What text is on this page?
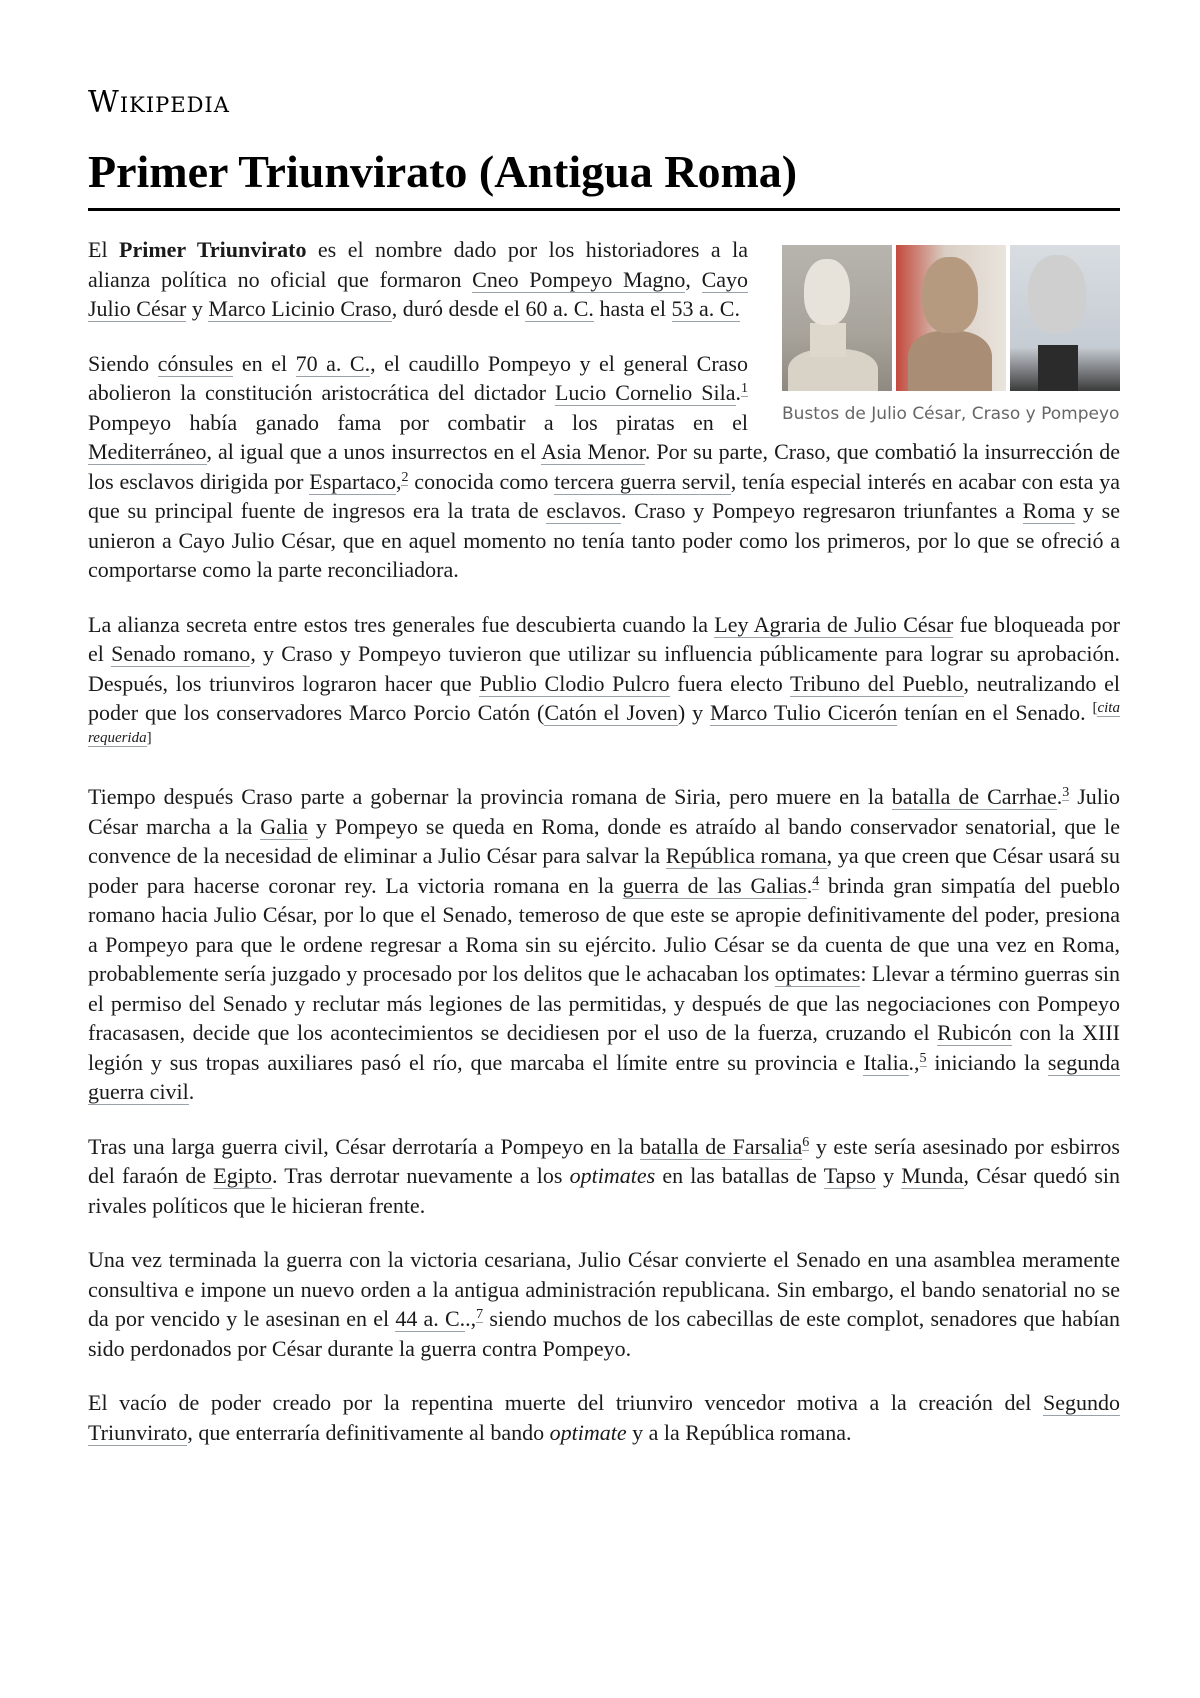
Wikipedia
Primer Triunvirato (Antigua Roma)
Bustos de Julio César, Craso y Pompeyo

El Primer Triunvirato es el nombre dado por los historiadores a la alianza política no oficial que formaron Cneo Pompeyo Magno, Cayo Julio César y Marco Licinio Craso, duró desde el 60 a. C. hasta el 53 a. C.

Siendo cónsules en el 70 a. C., el caudillo Pompeyo y el general Craso abolieron la constitución aristocrática del dictador Lucio Cornelio Sila.$^1$ Pompeyo había ganado fama por combatir a los piratas en el Mediterráneo, al igual que a unos insurrectos en el Asia Menor. Por su parte, Craso, que combatió la insurrección de los esclavos dirigida por Espartaco,$^2$ conocida como tercera guerra servil, tenía especial interés en acabar con esta ya que su principal fuente de ingresos era la trata de esclavos. Craso y Pompeyo regresaron triunfantes a Roma y se unieron a Cayo Julio César, que en aquel momento no tenía tanto poder como los primeros, por lo que se ofreció a comportarse como la parte reconciliadora.

La alianza secreta entre estos tres generales fue descubierta cuando la Ley Agraria de Julio César fue bloqueada por el Senado romano, y Craso y Pompeyo tuvieron que utilizar su influencia públicamente para lograr su aprobación. Después, los triunviros lograron hacer que Publio Clodio Pulcro fuera electo Tribuno del Pueblo, neutralizando el poder que los conservadores Marco Porcio Catón (Catón el Joven) y Marco Tulio Cicerón tenían en el Senado. [cita requerida]

Tiempo después Craso parte a gobernar la provincia romana de Siria, pero muere en la batalla de Carrhae.$^3$ Julio César marcha a la Galia y Pompeyo se queda en Roma, donde es atraído al bando conservador senatorial, que le convence de la necesidad de eliminar a Julio César para salvar la República romana, ya que creen que César usará su poder para hacerse coronar rey. La victoria romana en la guerra de las Galias.$^4$ brinda gran simpatía del pueblo romano hacia Julio César, por lo que el Senado, temeroso de que este se apropie definitivamente del poder, presiona a Pompeyo para que le ordene regresar a Roma sin su ejército. Julio César se da cuenta de que una vez en Roma, probablemente sería juzgado y procesado por los delitos que le achacaban los optimates: Llevar a término guerras sin el permiso del Senado y reclutar más legiones de las permitidas, y después de que las negociaciones con Pompeyo fracasasen, decide que los acontecimientos se decidiesen por el uso de la fuerza, cruzando el Rubicón con la XIII legión y sus tropas auxiliares pasó el río, que marcaba el límite entre su provincia e Italia.,$^5$ iniciando la segunda guerra civil.

Tras una larga guerra civil, César derrotaría a Pompeyo en la batalla de Farsalia$^6$ y este sería asesinado por esbirros del faraón de Egipto. Tras derrotar nuevamente a los optimates en las batallas de Tapso y Munda, César quedó sin rivales políticos que le hicieran frente.

Una vez terminada la guerra con la victoria cesariana, Julio César convierte el Senado en una asamblea meramente consultiva e impone un nuevo orden a la antigua administración republicana. Sin embargo, el bando senatorial no se da por vencido y le asesinan en el 44 a. C..,$^7$ siendo muchos de los cabecillas de este complot, senadores que habían sido perdonados por César durante la guerra contra Pompeyo.

El vacío de poder creado por la repentina muerte del triunviro vencedor motiva a la creación del Segundo Triunvirato, que enterraría definitivamente al bando optimate y a la República romana.
